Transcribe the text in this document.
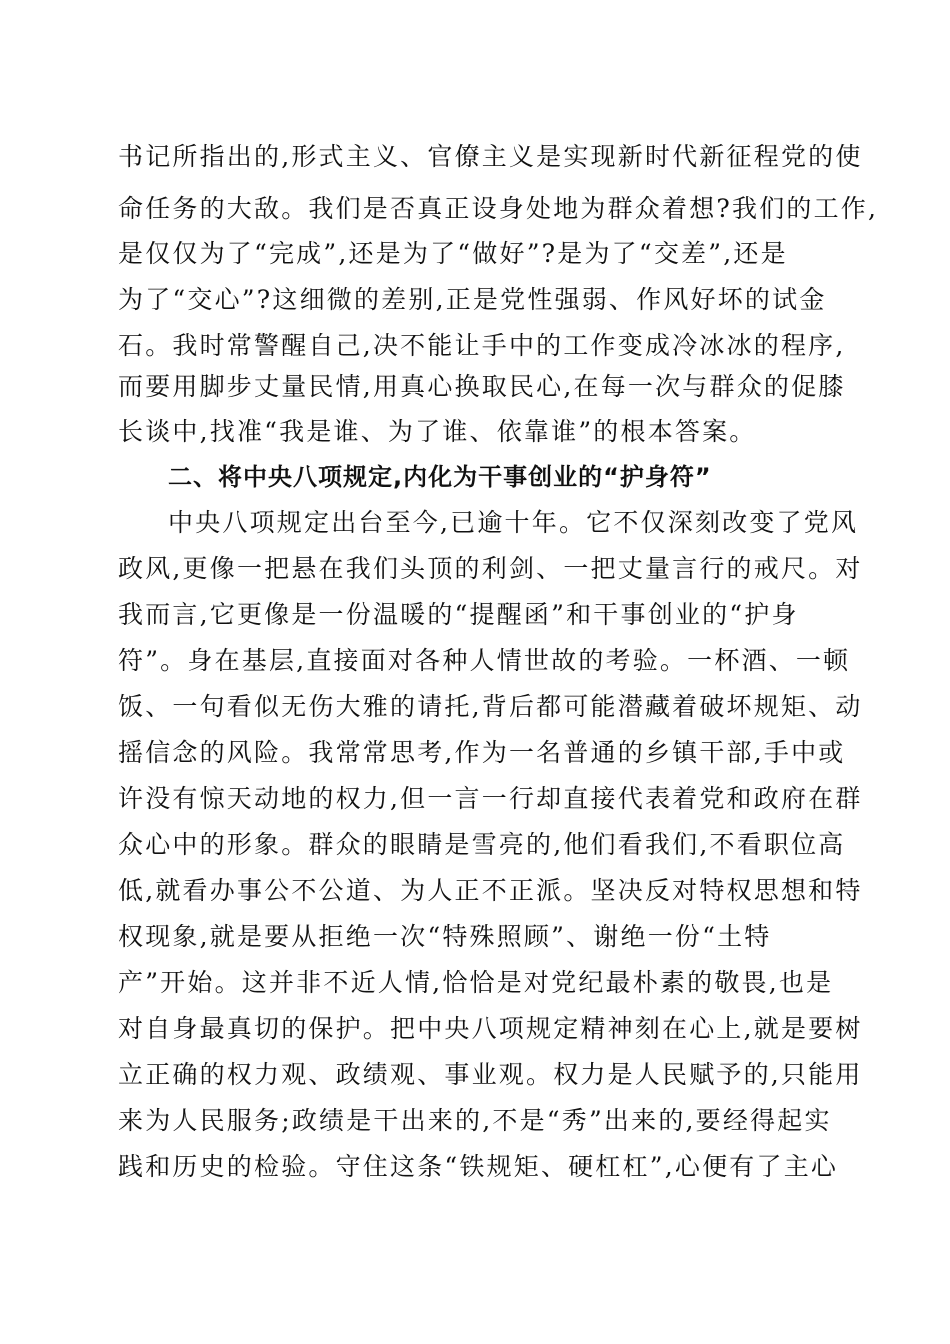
书记所指出的,形式主义、官僚主义是实现新时代新征程党的使
命任务的大敌。我们是否真正设身处地为群众着想?我们的工作,
是仅仅为了“完成”,还是为了“做好”?是为了“交差”,还是
为了“交心”?这细微的差别,正是党性强弱、作风好坏的试金
石。我时常警醒自己,决不能让手中的工作变成冷冰冰的程序,
而要用脚步丈量民情,用真心换取民心,在每一次与群众的促膝
长谈中,找准“我是谁、为了谁、依靠谁”的根本答案。
二、将中央八项规定,内化为干事创业的“护身符”
中央八项规定出台至今,已逾十年。它不仅深刻改变了党风
政风,更像一把悬在我们头顶的利剑、一把丈量言行的戒尺。对
我而言,它更像是一份温暖的“提醒函”和干事创业的“护身
符”。身在基层,直接面对各种人情世故的考验。一杯酒、一顿
饭、一句看似无伤大雅的请托,背后都可能潜藏着破坏规矩、动
摇信念的风险。我常常思考,作为一名普通的乡镇干部,手中或
许没有惊天动地的权力,但一言一行却直接代表着党和政府在群
众心中的形象。群众的眼睛是雪亮的,他们看我们,不看职位高
低,就看办事公不公道、为人正不正派。坚决反对特权思想和特
权现象,就是要从拒绝一次“特殊照顾”、谢绝一份“土特
产”开始。这并非不近人情,恰恰是对党纪最朴素的敬畏,也是
对自身最真切的保护。把中央八项规定精神刻在心上,就是要树
立正确的权力观、政绩观、事业观。权力是人民赋予的,只能用
来为人民服务;政绩是干出来的,不是“秀”出来的,要经得起实
践和历史的检验。守住这条“铁规矩、硬杠杠”,心便有了主心
